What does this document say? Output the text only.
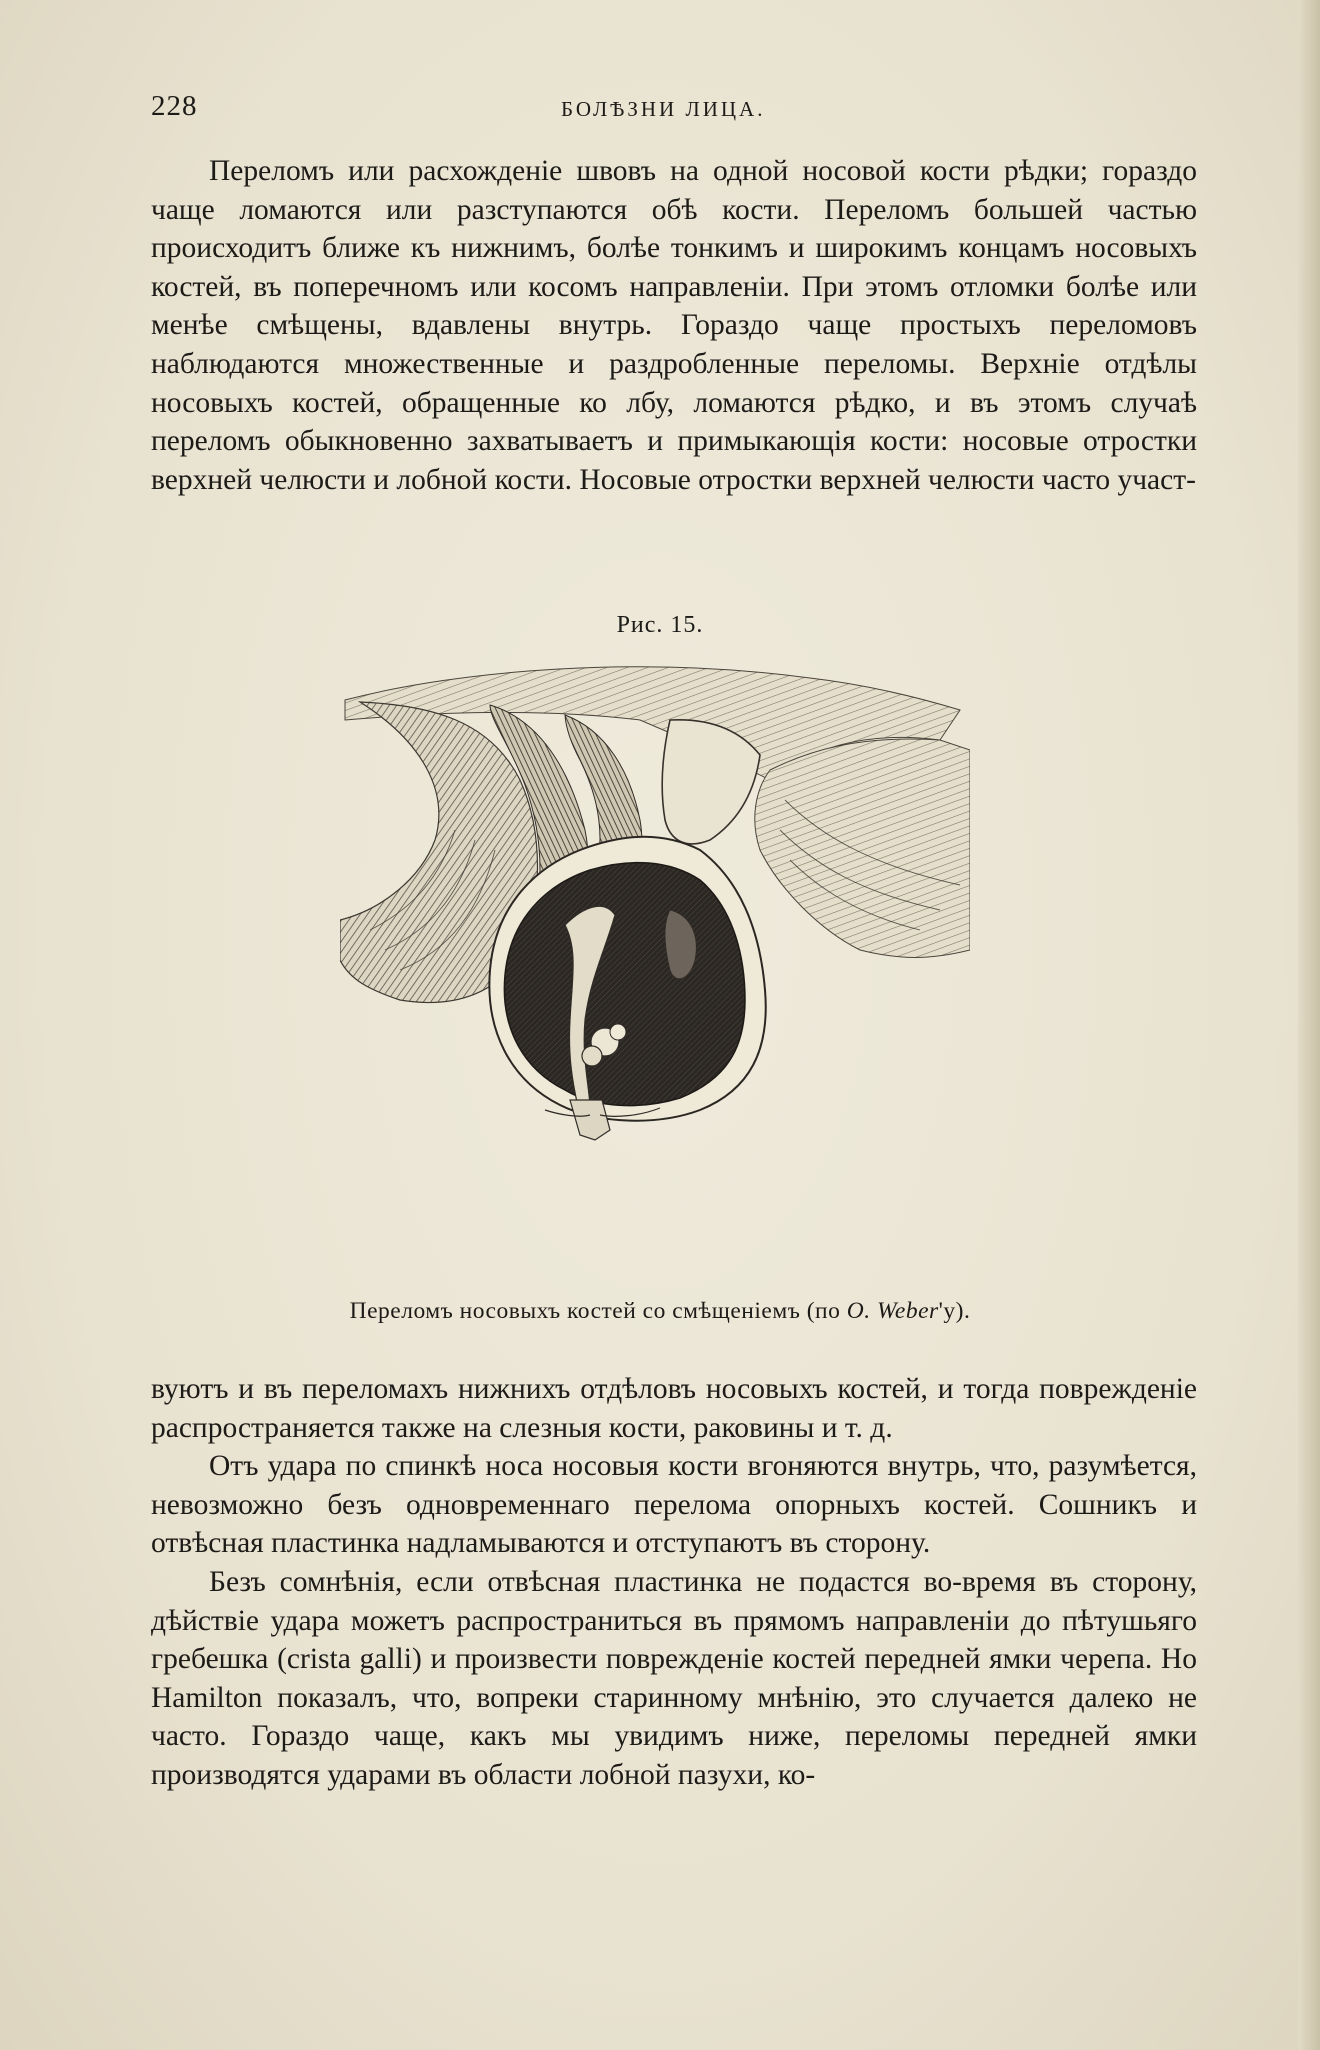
228	БОЛѢЗНИ ЛИЦА.

Переломъ или расхожденіе швовъ на одной носовой кости рѣдки; гораздо чаще ломаются или разступаются обѣ кости. Переломъ большей частью происходитъ ближе къ нижнимъ, болѣе тонкимъ и широкимъ концамъ носовыхъ костей, въ поперечномъ или косомъ направленіи. При этомъ отломки болѣе или менѣе смѣщены, вдавлены внутрь. Гораздо чаще простыхъ переломовъ наблюдаются множественные и раздробленные переломы. Верхніе отдѣлы носовыхъ костей, обращенные ко лбу, ломаются рѣдко, и въ этомъ случаѣ переломъ обыкновенно захватываетъ и примыкающія кости: носовые отростки верхней челюсти и лобной кости. Носовые отростки верхней челюсти часто участ-

Рис. 15.
Переломъ носовыхъ костей со смѣщеніемъ (по O. Weber'у).

вуютъ и въ переломахъ нижнихъ отдѣловъ носовыхъ костей, и тогда поврежденіе распространяется также на слезныя кости, раковины и т. д.

Отъ удара по спинкѣ носа носовыя кости вгоняются внутрь, что, разумѣется, невозможно безъ одновременнаго перелома опорныхъ костей. Сошникъ и отвѣсная пластинка надламываются и отступаютъ въ сторону.

Безъ сомнѣнія, если отвѣсная пластинка не подастся во-время въ сторону, дѣйствіе удара можетъ распространиться въ прямомъ направленіи до пѣтушьяго гребешка (crista galli) и произвести поврежденіе костей передней ямки черепа. Но Hamilton показалъ, что, вопреки старинному мнѣнію, это случается далеко не часто. Гораздо чаще, какъ мы увидимъ ниже, переломы передней ямки производятся ударами въ области лобной пазухи, ко-
